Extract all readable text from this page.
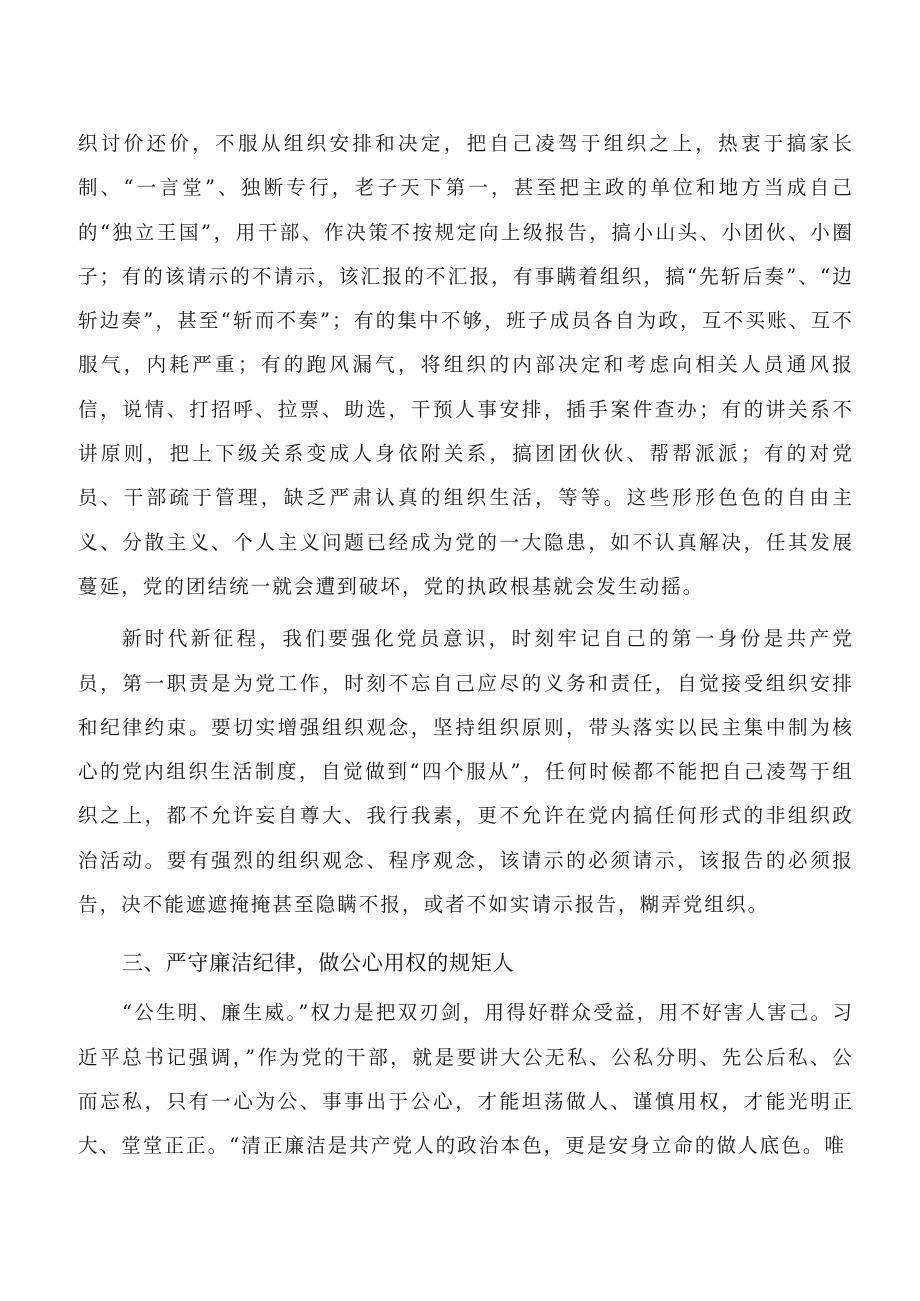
织讨价还价，不服从组织安排和决定，把自己凌驾于组织之上，热衷于搞家长制、“一言堂”、独断专行，老子天下第一，甚至把主政的单位和地方当成自己的“独立王国”，用干部、作决策不按规定向上级报告，搞小山头、小团伙、小圈子；有的该请示的不请示，该汇报的不汇报，有事瞒着组织，搞“先斩后奏”、“边斩边奏”，甚至“斩而不奏”；有的集中不够，班子成员各自为政，互不买账、互不服气，内耗严重；有的跑风漏气，将组织的内部决定和考虑向相关人员通风报信，说情、打招呼、拉票、助选，干预人事安排，插手案件查办；有的讲关系不讲原则，把上下级关系变成人身依附关系，搞团团伙伙、帮帮派派；有的对党员、干部疏于管理，缺乏严肃认真的组织生活，等等。这些形形色色的自由主义、分散主义、个人主义问题已经成为党的一大隐患，如不认真解决，任其发展蔓延，党的团结统一就会遭到破坏，党的执政根基就会发生动摇。

新时代新征程，我们要强化党员意识，时刻牢记自己的第一身份是共产党员，第一职责是为党工作，时刻不忘自己应尽的义务和责任，自觉接受组织安排和纪律约束。要切实增强组织观念，坚持组织原则，带头落实以民主集中制为核心的党内组织生活制度，自觉做到“四个服从”，任何时候都不能把自己凌驾于组织之上，都不允许妄自尊大、我行我素，更不允许在党内搞任何形式的非组织政治活动。要有强烈的组织观念、程序观念，该请示的必须请示，该报告的必须报告，决不能遮遮掩掩甚至隐瞒不报，或者不如实请示报告，糊弄党组织。

三、严守廉洁纪律，做公心用权的规矩人

“公生明、廉生威。”权力是把双刃剑，用得好群众受益，用不好害人害己。习近平总书记强调，”作为党的干部，就是要讲大公无私、公私分明、先公后私、公而忘私，只有一心为公、事事出于公心，才能坦荡做人、谨慎用权，才能光明正大、堂堂正正。“清正廉洁是共产党人的政治本色，更是安身立命的做人底色。唯
